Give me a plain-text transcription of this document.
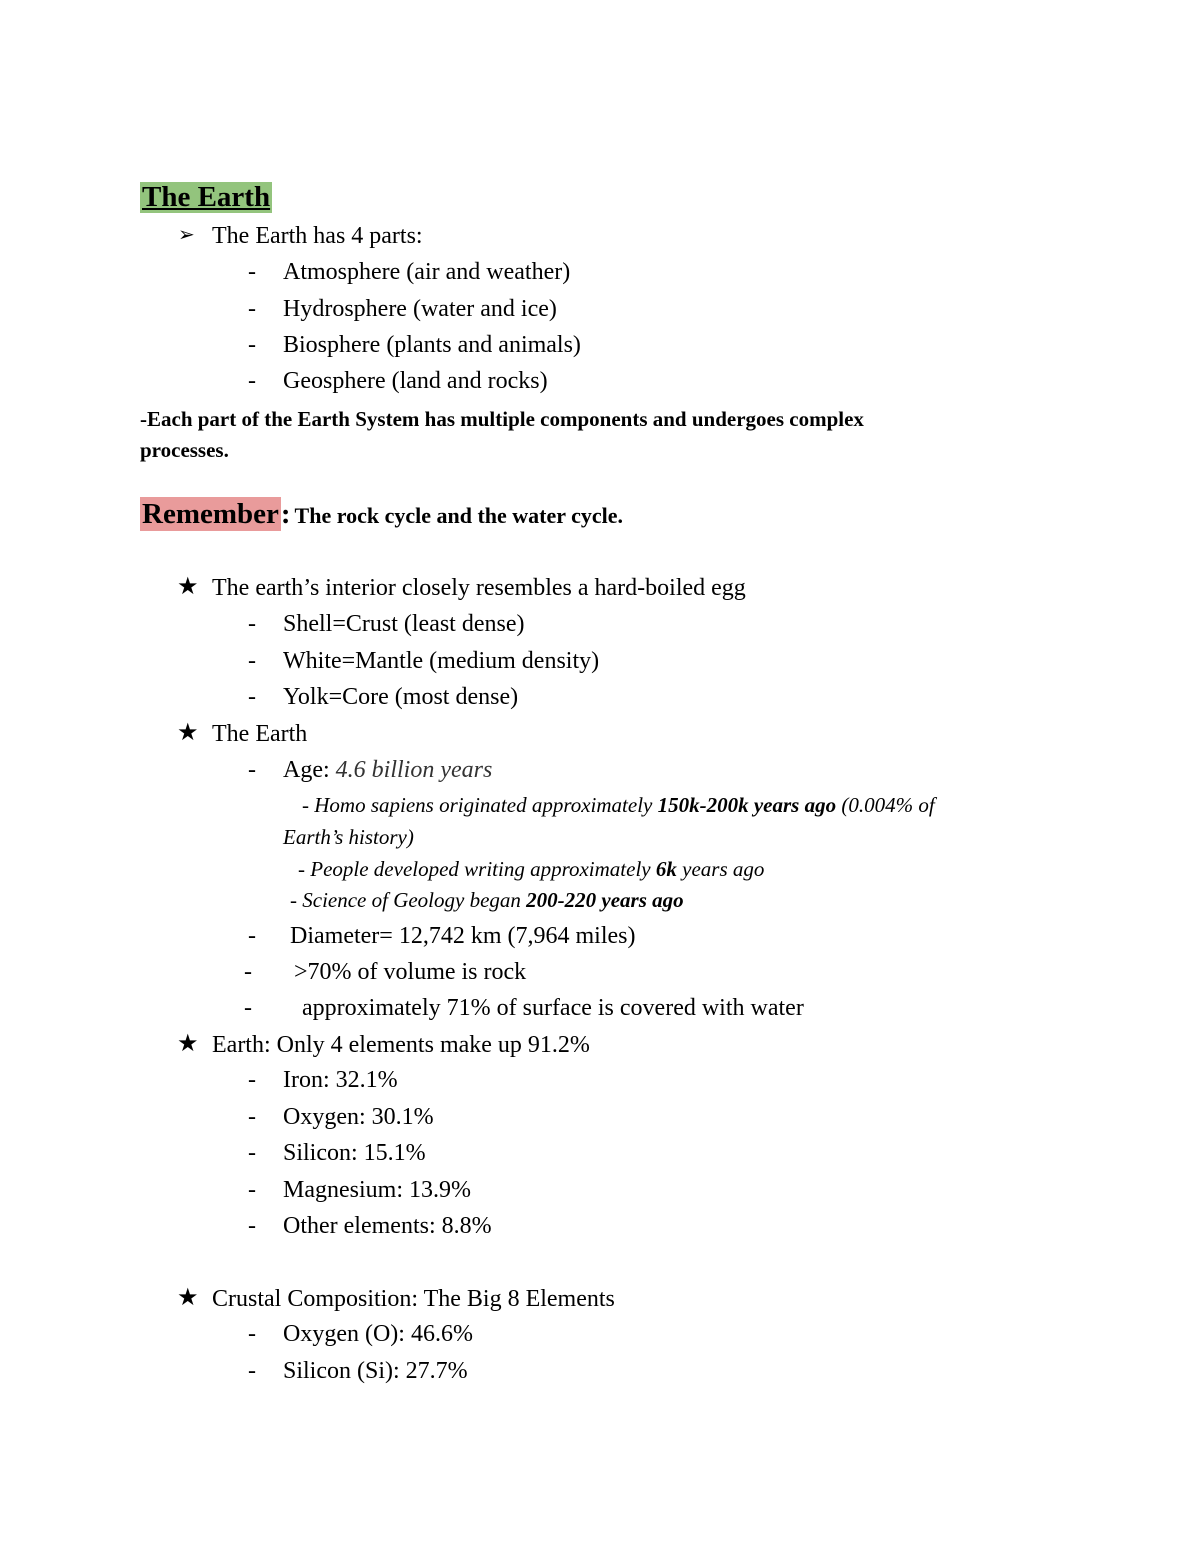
The Earth
➢ The Earth has 4 parts:
- Atmosphere (air and weather)
- Hydrosphere (water and ice)
- Biosphere (plants and animals)
- Geosphere (land and rocks)
-Each part of the Earth System has multiple components and undergoes complex
processes.
Remember: The rock cycle and the water cycle.
★ The earth’s interior closely resembles a hard-boiled egg
- Shell=Crust (least dense)
- White=Mantle (medium density)
- Yolk=Core (most dense)
★ The Earth
- Age: 4.6 billion years
- Homo sapiens originated approximately 150k-200k years ago (0.004% of
Earth’s history)
- People developed writing approximately 6k years ago
- Science of Geology began 200-220 years ago
- Diameter= 12,742 km (7,964 miles)
- >70% of volume is rock
- approximately 71% of surface is covered with water
★ Earth: Only 4 elements make up 91.2%
- Iron: 32.1%
- Oxygen: 30.1%
- Silicon: 15.1%
- Magnesium: 13.9%
- Other elements: 8.8%
★ Crustal Composition: The Big 8 Elements
- Oxygen (O): 46.6%
- Silicon (Si): 27.7%
